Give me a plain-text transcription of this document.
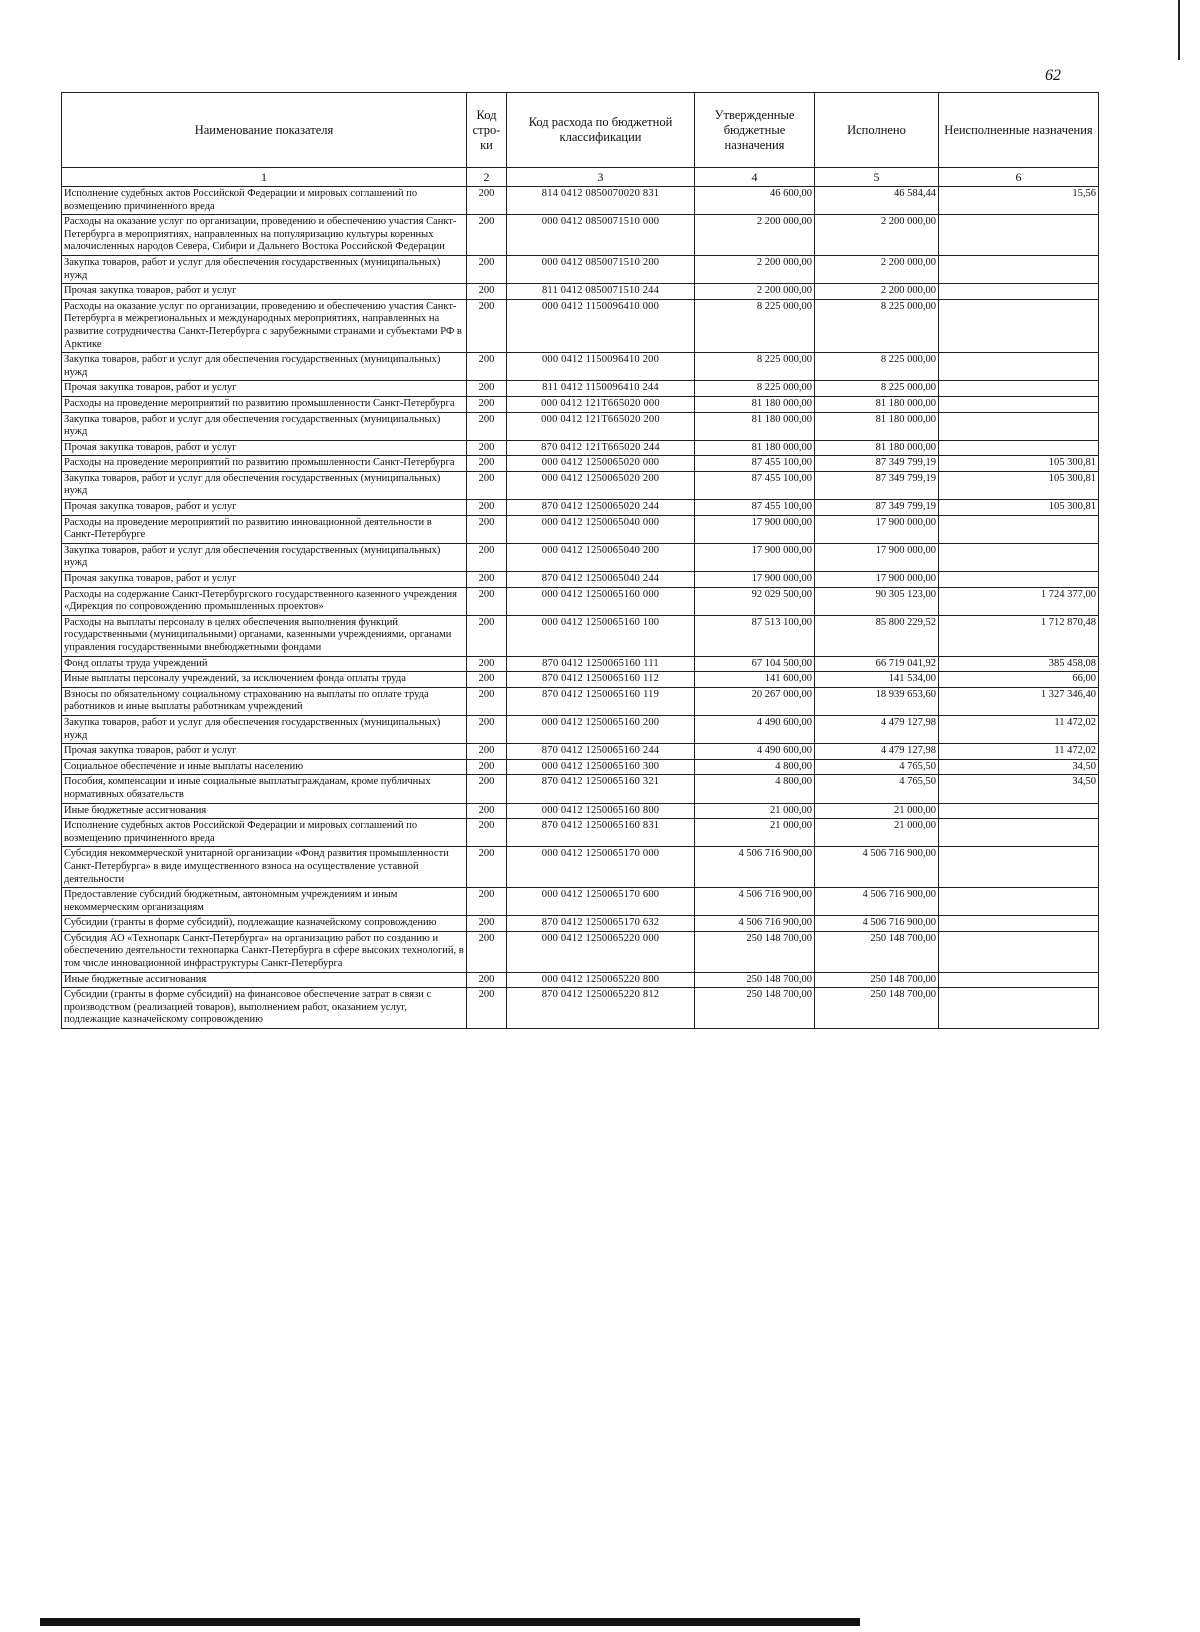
62
Наименование показателя	Код стро- ки	Код расхода по бюджетной классификации	Утвержденные бюджетные назначения	Исполнено	Неисполненные назначения
1	2	3	4	5	6
Исполнение судебных актов Российской Федерации и мировых соглашений по возмещению причиненного вреда	200	814 0412 0850070020 831	46 600,00	46 584,44	15,56
Расходы на оказание услуг по организации, проведению и обеспечению участия Санкт-Петербурга в мероприятиях, направленных на популяризацию культуры коренных малочисленных народов Севера, Сибири и Дальнего Востока Российской Федерации	200	000 0412 0850071510 000	2 200 000,00	2 200 000,00	
Закупка товаров, работ и услуг для обеспечения государственных (муниципальных) нужд	200	000 0412 0850071510 200	2 200 000,00	2 200 000,00	
Прочая закупка товаров, работ и услуг	200	811 0412 0850071510 244	2 200 000,00	2 200 000,00	
Расходы на оказание услуг по организации, проведению и обеспечению участия Санкт-Петербурга в межрегиональных и международных мероприятиях, направленных на развитие сотрудничества Санкт-Петербурга с зарубежными странами и субъектами РФ в Арктике	200	000 0412 1150096410 000	8 225 000,00	8 225 000,00	
Закупка товаров, работ и услуг для обеспечения государственных (муниципальных) нужд	200	000 0412 1150096410 200	8 225 000,00	8 225 000,00	
Прочая закупка товаров, работ и услуг	200	811 0412 1150096410 244	8 225 000,00	8 225 000,00	
Расходы на проведение мероприятий по развитию промышленности Санкт-Петербурга	200	000 0412 121Т665020 000	81 180 000,00	81 180 000,00	
Закупка товаров, работ и услуг для обеспечения государственных (муниципальных) нужд	200	000 0412 121Т665020 200	81 180 000,00	81 180 000,00	
Прочая закупка товаров, работ и услуг	200	870 0412 121Т665020 244	81 180 000,00	81 180 000,00	
Расходы на проведение мероприятий по развитию промышленности Санкт-Петербурга	200	000 0412 1250065020 000	87 455 100,00	87 349 799,19	105 300,81
Закупка товаров, работ и услуг для обеспечения государственных (муниципальных) нужд	200	000 0412 1250065020 200	87 455 100,00	87 349 799,19	105 300,81
Прочая закупка товаров, работ и услуг	200	870 0412 1250065020 244	87 455 100,00	87 349 799,19	105 300,81
Расходы на проведение мероприятий по развитию инновационной деятельности в Санкт-Петербурге	200	000 0412 1250065040 000	17 900 000,00	17 900 000,00	
Закупка товаров, работ и услуг для обеспечения государственных (муниципальных) нужд	200	000 0412 1250065040 200	17 900 000,00	17 900 000,00	
Прочая закупка товаров, работ и услуг	200	870 0412 1250065040 244	17 900 000,00	17 900 000,00	
Расходы на содержание Санкт-Петербургского государственного казенного учреждения «Дирекция по сопровождению промышленных проектов»	200	000 0412 1250065160 000	92 029 500,00	90 305 123,00	1 724 377,00
Расходы на выплаты персоналу в целях обеспечения выполнения функций государственными (муниципальными) органами, казенными учреждениями, органами управления государственными внебюджетными фондами	200	000 0412 1250065160 100	87 513 100,00	85 800 229,52	1 712 870,48
Фонд оплаты труда учреждений	200	870 0412 1250065160 111	67 104 500,00	66 719 041,92	385 458,08
Иные выплаты персоналу учреждений, за исключением фонда оплаты труда	200	870 0412 1250065160 112	141 600,00	141 534,00	66,00
Взносы по обязательному социальному страхованию на выплаты по оплате труда работников и иные выплаты работникам учреждений	200	870 0412 1250065160 119	20 267 000,00	18 939 653,60	1 327 346,40
Закупка товаров, работ и услуг для обеспечения государственных (муниципальных) нужд	200	000 0412 1250065160 200	4 490 600,00	4 479 127,98	11 472,02
Прочая закупка товаров, работ и услуг	200	870 0412 1250065160 244	4 490 600,00	4 479 127,98	11 472,02
Социальное обеспечение и иные выплаты населению	200	000 0412 1250065160 300	4 800,00	4 765,50	34,50
Пособия, компенсации и иные социальные выплатыгражданам, кроме публичных нормативных обязательств	200	870 0412 1250065160 321	4 800,00	4 765,50	34,50
Иные бюджетные ассигнования	200	000 0412 1250065160 800	21 000,00	21 000,00	
Исполнение судебных актов Российской Федерации и мировых соглашений по возмещению причиненного вреда	200	870 0412 1250065160 831	21 000,00	21 000,00	
Субсидия некоммерческой унитарной организации «Фонд развития промышленности Санкт-Петербурга» в виде имущественного взноса на осуществление уставной деятельности	200	000 0412 1250065170 000	4 506 716 900,00	4 506 716 900,00	
Предоставление субсидий бюджетным, автономным учреждениям и иным некоммерческим организациям	200	000 0412 1250065170 600	4 506 716 900,00	4 506 716 900,00	
Субсидии (гранты в форме субсидий), подлежащие казначейскому сопровождению	200	870 0412 1250065170 632	4 506 716 900,00	4 506 716 900,00	
Субсидия АО «Технопарк Санкт-Петербурга» на организацию работ по созданию и обеспечению деятельности технопарка Санкт-Петербурга в сфере высоких технологий, в том числе инновационной инфраструктуры Санкт-Петербурга	200	000 0412 1250065220 000	250 148 700,00	250 148 700,00	
Иные бюджетные ассигнования	200	000 0412 1250065220 800	250 148 700,00	250 148 700,00	
Субсидии (гранты в форме субсидий) на финансовое обеспечение затрат в связи с производством (реализацией товаров), выполнением работ, оказанием услуг, подлежащие казначейскому сопровождению	200	870 0412 1250065220 812	250 148 700,00	250 148 700,00	
